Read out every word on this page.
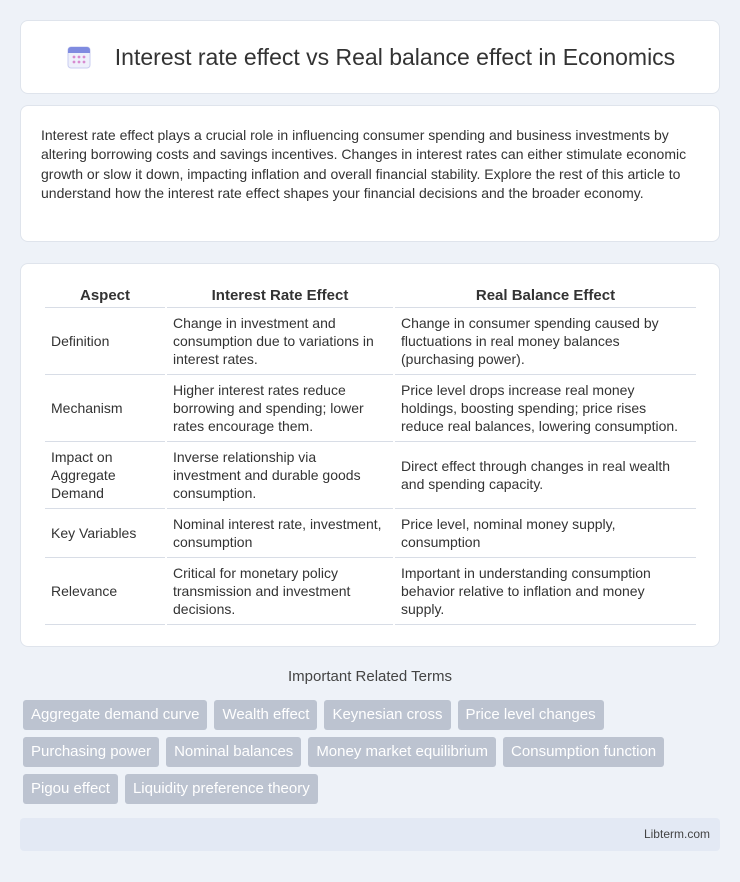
Interest rate effect vs Real balance effect in Economics

Interest rate effect plays a crucial role in influencing consumer spending and business investments by altering borrowing costs and savings incentives. Changes in interest rates can either stimulate economic growth or slow it down, impacting inflation and overall financial stability. Explore the rest of this article to understand how the interest rate effect shapes your financial decisions and the broader economy.

Aspect	Interest Rate Effect	Real Balance Effect
Definition	Change in investment and consumption due to variations in interest rates.	Change in consumer spending caused by fluctuations in real money balances (purchasing power).
Mechanism	Higher interest rates reduce borrowing and spending; lower rates encourage them.	Price level drops increase real money holdings, boosting spending; price rises reduce real balances, lowering consumption.
Impact on Aggregate Demand	Inverse relationship via investment and durable goods consumption.	Direct effect through changes in real wealth and spending capacity.
Key Variables	Nominal interest rate, investment, consumption	Price level, nominal money supply, consumption
Relevance	Critical for monetary policy transmission and investment decisions.	Important in understanding consumption behavior relative to inflation and money supply.
Important Related Terms
Aggregate demand curve	Wealth effect	Keynesian cross	Price level changes
Purchasing power	Nominal balances	Money market equilibrium	Consumption function
Pigou effect	Liquidity preference theory
Libterm.com
